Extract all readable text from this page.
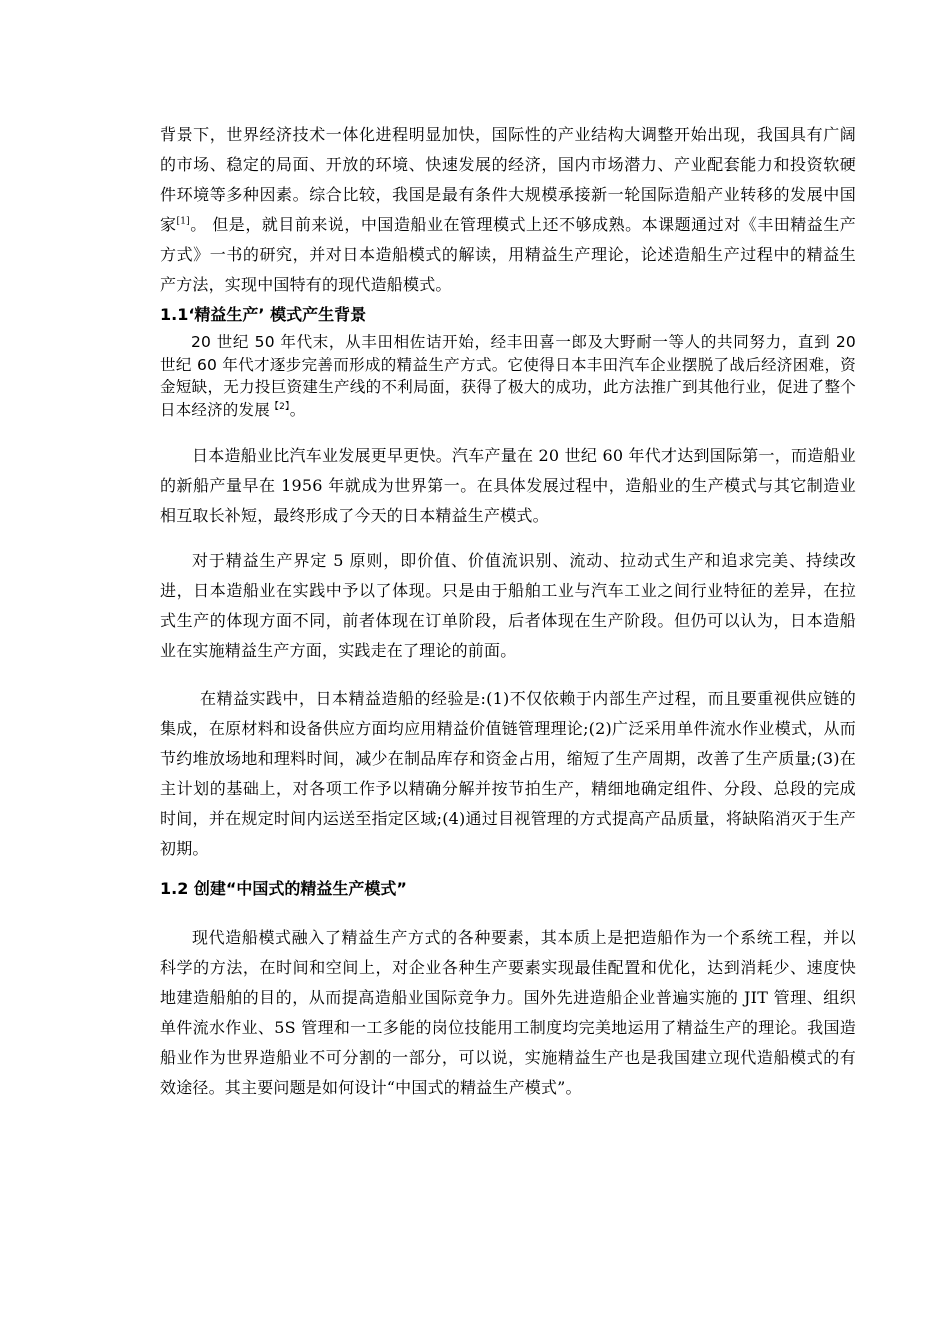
背景下，世界经济技术一体化进程明显加快，国际性的产业结构大调整开始出现，我国具有广阔的市场、稳定的局面、开放的环境、快速发展的经济，国内市场潜力、产业配套能力和投资软硬件环境等多种因素。综合比较，我国是最有条件大规模承接新一轮国际造船产业转移的发展中国家[1]。 但是，就目前来说，中国造船业在管理模式上还不够成熟。本课题通过对《丰田精益生产方式》一书的研究，并对日本造船模式的解读，用精益生产理论，论述造船生产过程中的精益生产方法，实现中国特有的现代造船模式。

1.1‘精益生产’ 模式产生背景

20 世纪 50 年代末，从丰田相佐诘开始，经丰田喜一郎及大野耐一等人的共同努力，直到 20 世纪 60 年代才逐步完善而形成的精益生产方式。它使得日本丰田汽车企业摆脱了战后经济困难，资金短缺，无力投巨资建生产线的不利局面，获得了极大的成功，此方法推广到其他行业，促进了整个日本经济的发展$^{【2】}$。

日本造船业比汽车业发展更早更快。汽车产量在 20 世纪 60 年代才达到国际第一，而造船业的新船产量早在 1956 年就成为世界第一。在具体发展过程中，造船业的生产模式与其它制造业相互取长补短，最终形成了今天的日本精益生产模式。

对于精益生产界定 5 原则，即价值、价值流识别、流动、拉动式生产和追求完美、持续改进，日本造船业在实践中予以了体现。只是由于船舶工业与汽车工业之间行业特征的差异，在拉式生产的体现方面不同，前者体现在订单阶段，后者体现在生产阶段。但仍可以认为，日本造船业在实施精益生产方面，实践走在了理论的前面。

在精益实践中，日本精益造船的经验是:(1)不仅依赖于内部生产过程，而且要重视供应链的集成，在原材料和设备供应方面均应用精益价值链管理理论;(2)广泛采用单件流水作业模式，从而节约堆放场地和理料时间，减少在制品库存和资金占用，缩短了生产周期，改善了生产质量;(3)在主计划的基础上，对各项工作予以精确分解并按节拍生产，精细地确定组件、分段、总段的完成时间，并在规定时间内运送至指定区域;(4)通过目视管理的方式提高产品质量，将缺陷消灭于生产初期。

1.2 创建“中国式的精益生产模式”

现代造船模式融入了精益生产方式的各种要素，其本质上是把造船作为一个系统工程，并以科学的方法，在时间和空间上，对企业各种生产要素实现最佳配置和优化，达到消耗少、速度快地建造船舶的目的，从而提高造船业国际竞争力。国外先进造船企业普遍实施的 JIT 管理、组织单件流水作业、5S 管理和一工多能的岗位技能用工制度均完美地运用了精益生产的理论。我国造船业作为世界造船业不可分割的一部分，可以说，实施精益生产也是我国建立现代造船模式的有效途径。其主要问题是如何设计“中国式的精益生产模式”。
